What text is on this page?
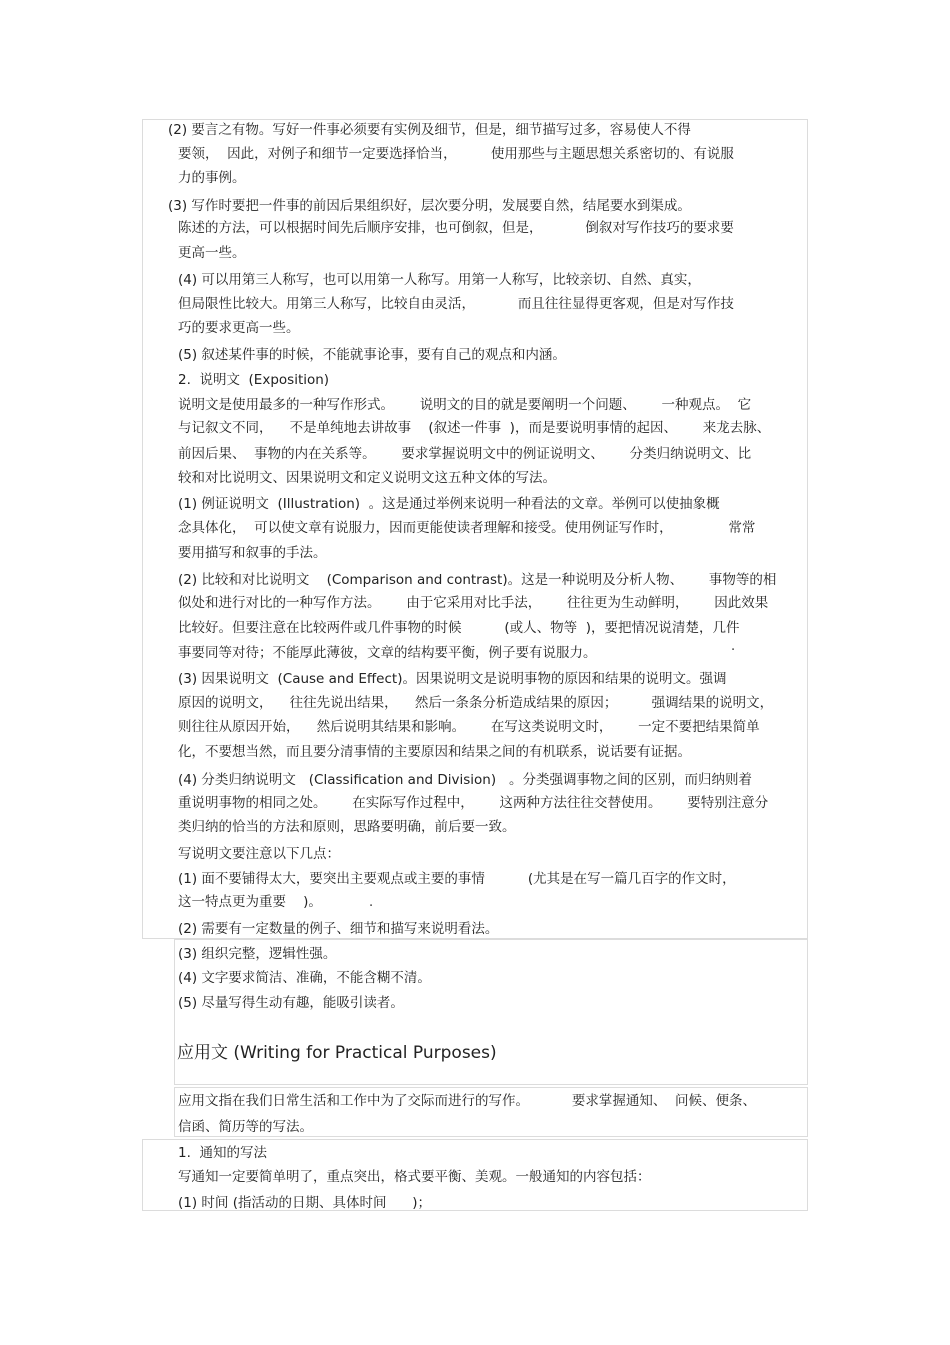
(2) 要言之有物。写好一件事必须要有实例及细节，但是，细节描写过多，容易使人不得
要领，  因此，对例子和细节一定要选择恰当，        使用那些与主题思想关系密切的、有说服
力的事例。
(3) 写作时要把一件事的前因后果组织好，层次要分明，发展要自然，结尾要水到渠成。
陈述的方法，可以根据时间先后顺序安排，也可倒叙，但是，          倒叙对写作技巧的要求要
更高一些。
(4) 可以用第三人称写，也可以用第一人称写。用第一人称写，比较亲切、自然、真实，
但局限性比较大。用第三人称写，比较自由灵活，          而且往往显得更客观，但是对写作技
巧的要求更高一些。
(5) 叙述某件事的时候，不能就事论事，要有自己的观点和内涵。
2.  说明文  (Exposition)
说明文是使用最多的一种写作形式。      说明文的目的就是要阐明一个问题、      一种观点。  它
与记叙文不同，    不是单纯地去讲故事    (叙述一件事  )，而是要说明事情的起因、      来龙去脉、
前因后果、  事物的内在关系等。      要求掌握说明文中的例证说明文、      分类归纳说明文、比
较和对比说明文、因果说明文和定义说明文这五种文体的写法。
(1) 例证说明文  (Illustration)  。这是通过举例来说明一种看法的文章。举例可以使抽象概
念具体化，  可以使文章有说服力，因而更能使读者理解和接受。使用例证写作时，             常常
要用描写和叙事的手法。
(2) 比较和对比说明文    (Comparison and contrast)。这是一种说明及分析人物、      事物等的相
似处和进行对比的一种写作方法。      由于它采用对比手法，      往往更为生动鲜明，      因此效果
比较好。但要注意在比较两件或几件事物的时候          (或人、物等  )，要把情况说清楚，几件
事要同等对待；不能厚此薄彼，文章的结构要平衡，例子要有说服力。	.
(3) 因果说明文  (Cause and Effect)。因果说明文是说明事物的原因和结果的说明文。强调
原因的说明文，    往往先说出结果，    然后一条条分析造成结果的原因；        强调结果的说明文，
则往往从原因开始，    然后说明其结果和影响。      在写这类说明文时，      一定不要把结果简单
化，不要想当然，而且要分清事情的主要原因和结果之间的有机联系，说话要有证据。
(4) 分类归纳说明文   (Classification and Division)   。分类强调事物之间的区别，而归纳则着
重说明事物的相同之处。      在实际写作过程中，      这两种方法往往交替使用。      要特别注意分
类归纳的恰当的方法和原则，思路要明确，前后要一致。
写说明文要注意以下几点：
(1) 面不要铺得太大，要突出主要观点或主要的事情          (尤其是在写一篇几百字的作文时，
这一特点更为重要    )。	.
(2) 需要有一定数量的例子、细节和描写来说明看法。
(3) 组织完整，逻辑性强。
(4) 文字要求简洁、准确，不能含糊不清。
(5) 尽量写得生动有趣，能吸引读者。
应用文 (Writing for Practical Purposes)
应用文指在我们日常生活和工作中为了交际而进行的写作。          要求掌握通知、  问候、便条、
信函、简历等的写法。
1.  通知的写法
写通知一定要简单明了，重点突出，格式要平衡、美观。一般通知的内容包括：
(1) 时间 (指活动的日期、具体时间      )；
